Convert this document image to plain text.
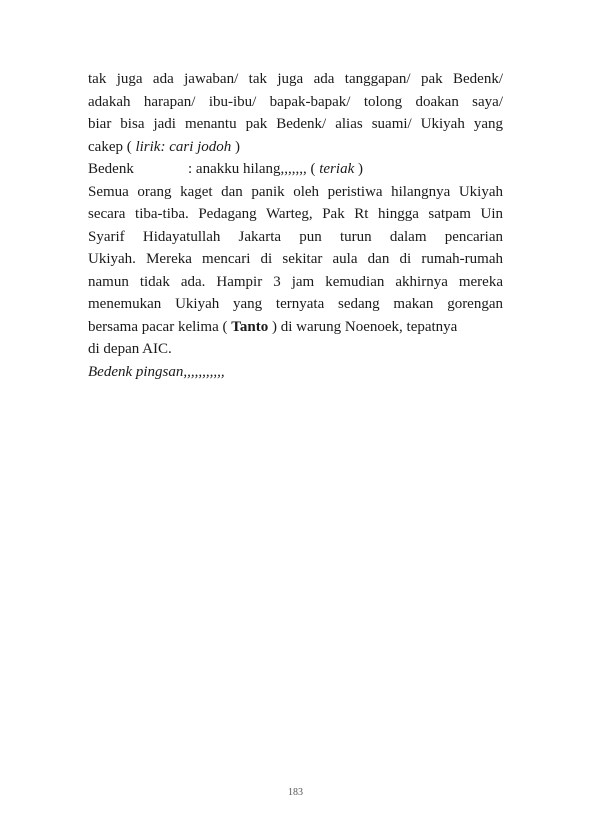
tak juga ada jawaban/ tak juga ada tanggapan/ pak Bedenk/
adakah harapan/ ibu-ibu/ bapak-bapak/ tolong doakan saya/
biar bisa jadi menantu pak Bedenk/ alias suami/ Ukiyah yang
cakep ( lirik: cari jodoh )
Bedenk	: anakku hilang,,,,,,, ( teriak )
Semua orang kaget dan panik oleh peristiwa hilangnya Ukiyah
secara tiba-tiba. Pedagang Warteg, Pak Rt hingga satpam Uin
Syarif Hidayatullah Jakarta pun turun dalam pencarian
Ukiyah. Mereka mencari di sekitar aula dan di rumah-rumah
namun tidak ada. Hampir 3 jam kemudian akhirnya mereka
menemukan Ukiyah yang ternyata sedang makan gorengan
bersama pacar kelima ( Tanto ) di warung Noenoek, tepatnya
di depan AIC.
Bedenk pingsan,,,,,,,,,,,
183
